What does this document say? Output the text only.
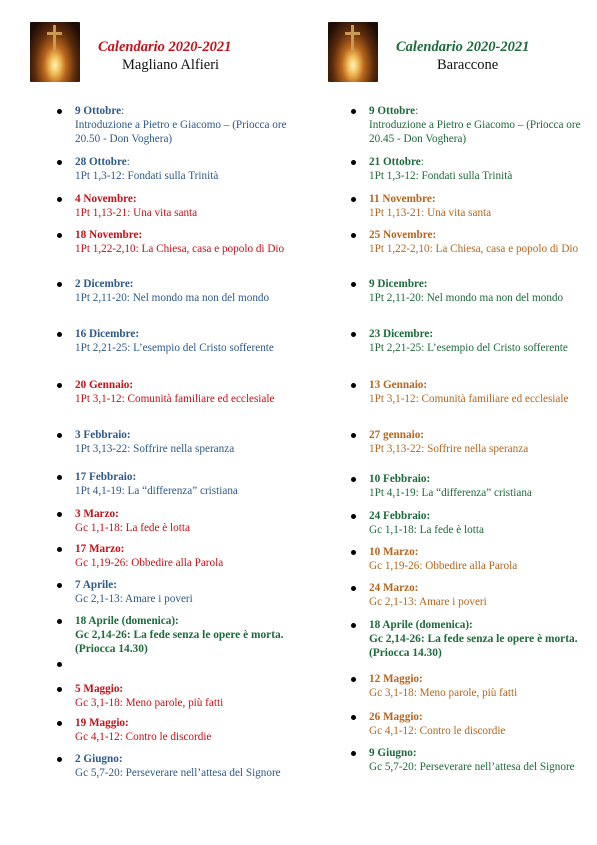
Calendario 2020-2021
Magliano Alfieri
9 Ottobre:
Introduzione a Pietro e Giacomo – (Priocca ore 20.50 - Don Voghera)
28 Ottobre:
1Pt 1,3-12: Fondati sulla Trinità
4 Novembre:
1Pt 1,13-21: Una vita santa
18 Novembre:
1Pt 1,22-2,10: La Chiesa, casa e popolo di Dio
2 Dicembre:
1Pt 2,11-20: Nel mondo ma non del mondo
16 Dicembre:
1Pt 2,21-25: L’esempio del Cristo sofferente
20 Gennaio:
1Pt 3,1-12: Comunità familiare ed ecclesiale
3 Febbraio:
1Pt 3,13-22: Soffrire nella speranza
17 Febbraio:
1Pt 4,1-19: La “differenza” cristiana
3 Marzo:
Gc 1,1-18: La fede è lotta
17 Marzo:
Gc 1,19-26: Obbedire alla Parola
7 Aprile:
Gc 2,1-13: Amare i poveri
18 Aprile (domenica):
Gc 2,14-26: La fede senza le opere è morta. (Priocca 14.30)
5 Maggio:
Gc 3,1-18: Meno parole, più fatti
19 Maggio:
Gc 4,1-12: Contro le discordie
2 Giugno:
Gc 5,7-20: Perseverare nell’attesa del Signore
Calendario 2020-2021
Baraccone
9 Ottobre:
Introduzione a Pietro e Giacomo – (Priocca ore 20.45 - Don Voghera)
21 Ottobre:
1Pt 1,3-12: Fondati sulla Trinità
11 Novembre:
1Pt 1,13-21: Una vita santa
25 Novembre:
1Pt 1,22-2,10: La Chiesa, casa e popolo di Dio
9 Dicembre:
1Pt 2,11-20: Nel mondo ma non del mondo
23 Dicembre:
1Pt 2,21-25: L’esempio del Cristo sofferente
13 Gennaio:
1Pt 3,1-12: Comunità familiare ed ecclesiale
27 gennaio:
1Pt 3,13-22: Soffrire nella speranza
10 Febbraio:
1Pt 4,1-19: La “differenza” cristiana
24 Febbraio:
Gc 1,1-18: La fede è lotta
10 Marzo:
Gc 1,19-26: Obbedire alla Parola
24 Marzo:
Gc 2,1-13: Amare i poveri
18 Aprile (domenica):
Gc 2,14-26: La fede senza le opere è morta.(Priocca 14.30)
12 Maggio:
Gc 3,1-18: Meno parole, più fatti
26 Maggio:
Gc 4,1-12: Contro le discordie
9 Giugno:
Gc 5,7-20: Perseverare nell’attesa del Signore
